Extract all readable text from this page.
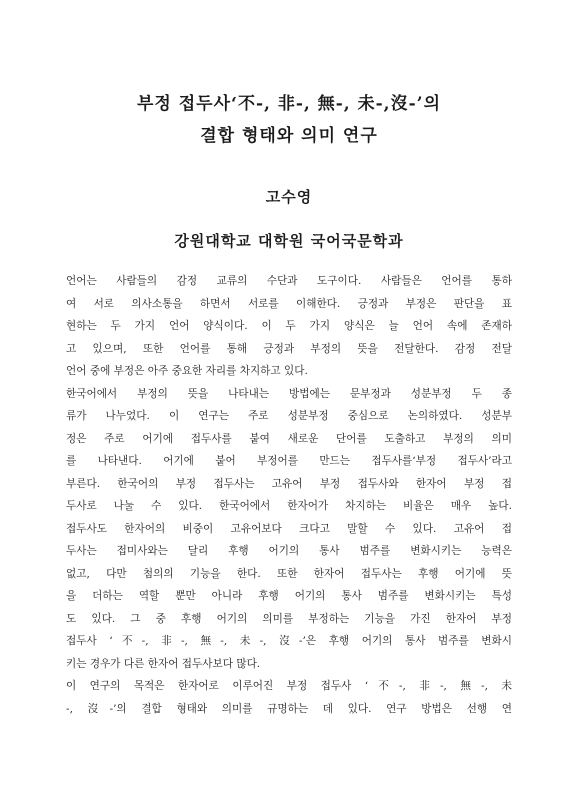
부정 접두사‘不-, 非-, 無-, 未-,沒-’의
결합 형태와 의미 연구
고수영
강원대학교 대학원 국어국문학과
언어는 사람들의 감정 교류의 수단과 도구이다. 사람들은 언어를 통하
여 서로 의사소통을 하면서 서로를 이해한다. 긍정과 부정은 판단을 표
현하는 두 가지 언어 양식이다. 이 두 가지 양식은 늘 언어 속에 존재하
고 있으며, 또한 언어를 통해 긍정과 부정의 뜻을 전달한다. 감정 전달
언어 중에 부정은 아주 중요한 자리를 차지하고 있다.
한국어에서 부정의 뜻을 나타내는 방법에는 문부정과 성분부정 두 종
류가 나누었다. 이 연구는 주로 성분부정 중심으로 논의하였다. 성분부
정은 주로 어기에 접두사를 붙여 새로운 단어를 도출하고 부정의 의미
를 나타낸다. 어기에 붙어 부정어를 만드는 접두사를‘부정 접두사’라고
부른다. 한국어의 부정 접두사는 고유어 부정 접두사와 한자어 부정 접
두사로 나눌 수 있다. 한국어에서 한자어가 차지하는 비율은 매우 높다.
접두사도 한자어의 비중이 고유어보다 크다고 말할 수 있다. 고유어 접
두사는 접미사와는 달리 후행 어기의 통사 범주를 변화시키는 능력은
없고, 다만 첨의의 기능을 한다. 또한 한자어 접두사는 후행 어기에 뜻
을 더하는 역할 뿐만 아니라 후행 어기의 통사 범주를 변화시키는 특성
도 있다. 그 중 후행 어기의 의미를 부정하는 기능을 가진 한자어 부정
접두사 ‘不-, 非-, 無-, 未-, 沒-’은 후행 어기의 통사 범주를 변화시
키는 경우가 다른 한자어 접두사보다 많다.
이 연구의 목적은 한자어로 이루어진 부정 접두사 ‘不-, 非-, 無-, 未
-, 沒-’의 결합 형태와 의미를 규명하는 데 있다. 연구 방법은 선행 연
